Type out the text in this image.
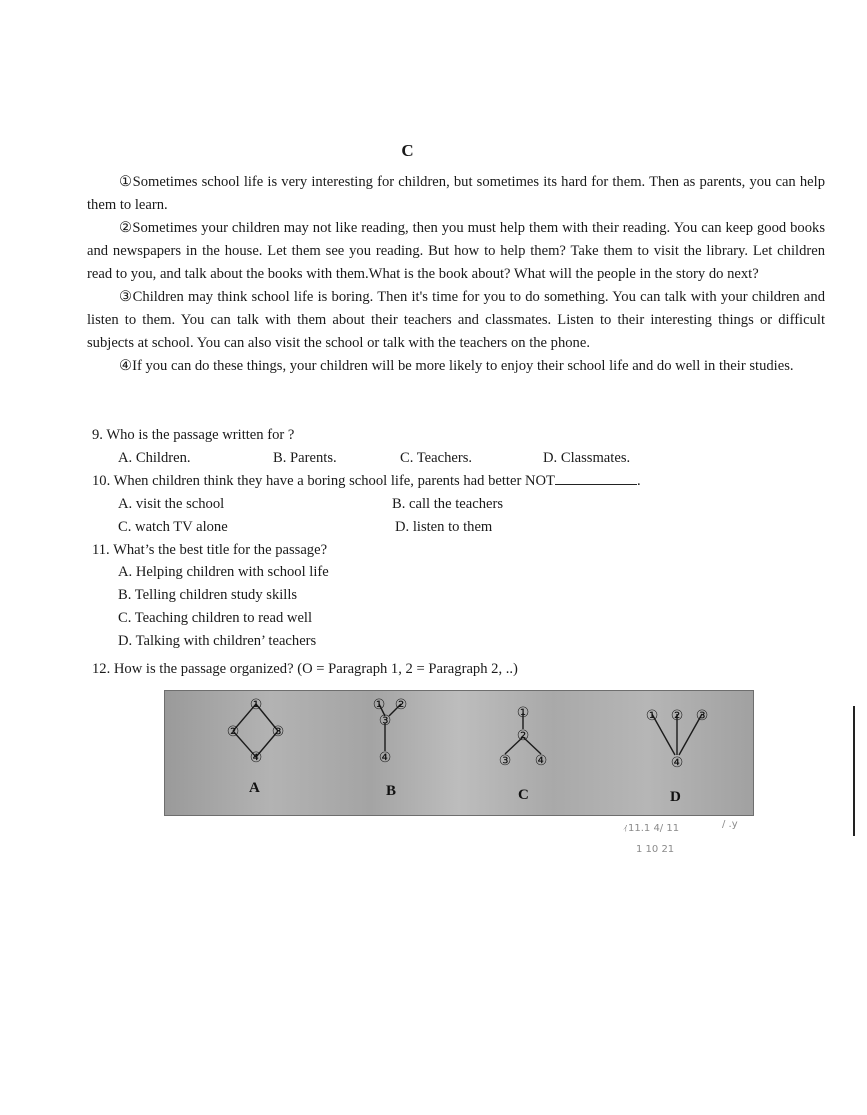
C

①Sometimes school life is very interesting for children, but sometimes its hard for them. Then as parents, you can help them to learn.

②Sometimes your children may not like reading, then you must help them with their reading. You can keep good books and newspapers in the house. Let them see you reading. But how to help them? Take them to visit the library. Let children read to you, and talk about the books with them.What is the book about? What will the people in the story do next?

③Children may think school life is boring. Then it's time for you to do something. You can talk with your children and listen to them. You can talk with them about their teachers and classmates. Listen to their interesting things or difficult subjects at school. You can also visit the school or talk with the teachers on the phone.

④If you can do these things, your children will be more likely to enjoy their school life and do well in their studies.

9. Who is the passage written for ?
A. Children.	B. Parents.	C. Teachers.	D. Classmates.
10. When children think they have a boring school life, parents had better NOT	.
A. visit the school	B. call the teachers
C. watch TV alone	D. listen to them
11. What’s the best title for the passage?
A. Helping children with school life
B. Telling children study skills
C. Teaching children to read well
D. Talking with children’ teachers
12. How is the passage organized? (O = Paragraph 1, 2 = Paragraph 2, ..)
①
② ③
④
① ②
③
④
①
②
③ ④
① ② ③
④
A	B	C	D
ｨ11.1 4/ 11	/ .y
1 10 21
